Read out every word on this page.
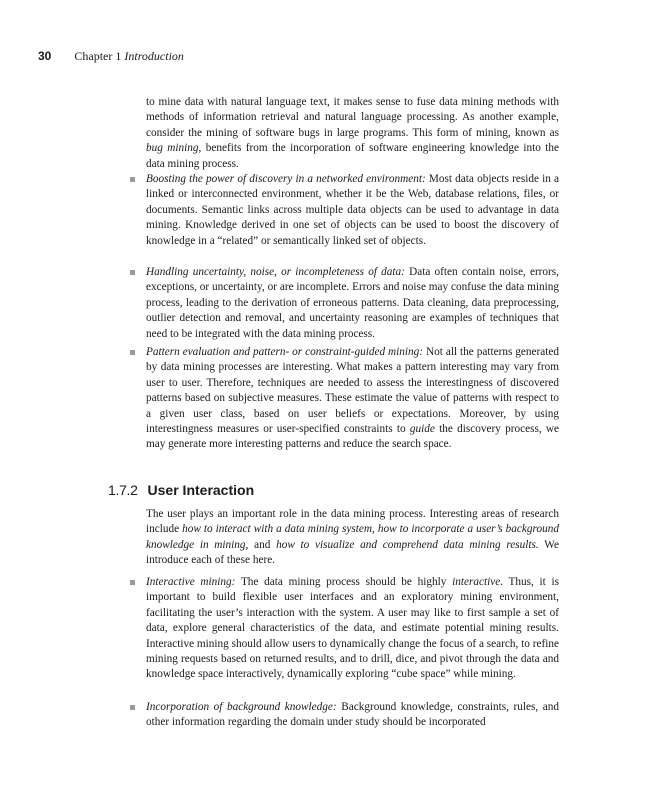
30 Chapter 1 Introduction

to mine data with natural language text, it makes sense to fuse data mining methods with methods of information retrieval and natural language processing. As another example, consider the mining of software bugs in large programs. This form of mining, known as bug mining, benefits from the incorporation of software engineering knowledge into the data mining process.

Boosting the power of discovery in a networked environment: Most data objects reside in a linked or interconnected environment, whether it be the Web, database relations, files, or documents. Semantic links across multiple data objects can be used to advantage in data mining. Knowledge derived in one set of objects can be used to boost the discovery of knowledge in a “related” or semantically linked set of objects.
Handling uncertainty, noise, or incompleteness of data: Data often contain noise, errors, exceptions, or uncertainty, or are incomplete. Errors and noise may confuse the data mining process, leading to the derivation of erroneous patterns. Data cleaning, data preprocessing, outlier detection and removal, and uncertainty reasoning are examples of techniques that need to be integrated with the data mining process.
Pattern evaluation and pattern- or constraint-guided mining: Not all the patterns generated by data mining processes are interesting. What makes a pattern interesting may vary from user to user. Therefore, techniques are needed to assess the interestingness of discovered patterns based on subjective measures. These estimate the value of patterns with respect to a given user class, based on user beliefs or expectations. Moreover, by using interestingness measures or user-specified constraints to guide the discovery process, we may generate more interesting patterns and reduce the search space.
1.7.2 User Interaction

The user plays an important role in the data mining process. Interesting areas of research include how to interact with a data mining system, how to incorporate a user’s background knowledge in mining, and how to visualize and comprehend data mining results. We introduce each of these here.

Interactive mining: The data mining process should be highly interactive. Thus, it is important to build flexible user interfaces and an exploratory mining environment, facilitating the user’s interaction with the system. A user may like to first sample a set of data, explore general characteristics of the data, and estimate potential mining results. Interactive mining should allow users to dynamically change the focus of a search, to refine mining requests based on returned results, and to drill, dice, and pivot through the data and knowledge space interactively, dynamically exploring “cube space” while mining.
Incorporation of background knowledge: Background knowledge, constraints, rules, and other information regarding the domain under study should be incorporated
